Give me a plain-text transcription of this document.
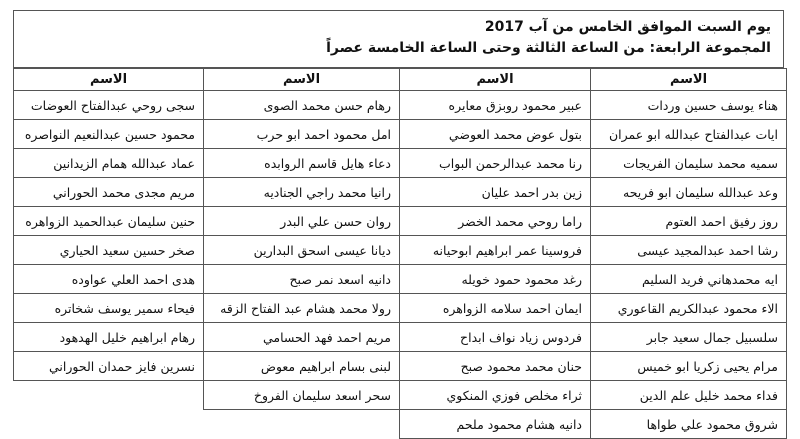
يوم السبت الموافق الخامس من آب 2017
المجموعة الرابعة: من الساعة الثالثة وحتى الساعة الخامسة عصراً
الاسم	الاسم	الاسم	الاسم
هناء يوسف حسين وردات	عبير محمود روبزق معايره	رهام حسن محمد الصوى	سجى روحي عبدالفتاح العوضات
ايات عبدالفتاح عبدالله ابو عمران	بتول عوض محمد العوضي	امل محمود احمد ابو حرب	محمود حسين عبدالنعيم النواصره
سميه محمد سليمان الفريجات	رنا محمد عبدالرحمن البواب	دعاء هايل قاسم الروابده	عماد عبدالله همام الزيدانين
وعد عبدالله سليمان ابو فريحه	زين بدر احمد عليان	رانيا محمد راجي الجناديه	مريم مجدى محمد الحوراني
روز رفيق احمد العتوم	راما روحي محمد الخضر	روان حسن علي البدر	حنين سليمان عبدالحميد الزواهره
رشا احمد عبدالمجيد عيسى	فروسينا عمر ابراهيم ابوحيانه	ديانا عيسى اسحق البدارين	صخر حسين سعيد الحياري
ايه محمدهاني فريد السليم	رغد محمود حمود خويله	دانيه اسعد نمر صبح	هدى احمد العلي عواوده
الاء محمود عبدالكريم القاعوري	ايمان احمد سلامه الزواهره	رولا محمد هشام عبد الفتاح الزقه	فيحاء سمير يوسف شخاتره
سلسبيل جمال سعيد جابر	فردوس زياد نواف ابداح	مريم احمد فهد الحسامي	رهام ابراهيم خليل الهدهود
مرام يحيى زكريا ابو خميس	حنان محمد محمود صبح	لبنى بسام ابراهيم معوض	نسرين فايز حمدان الحوراني
فداء محمد خليل علم الدين	ثراء مخلص فوزي المنكوي	سحر اسعد سليمان الفروخ	
شروق محمود علي طواها	دانيه هشام محمود ملحم		
